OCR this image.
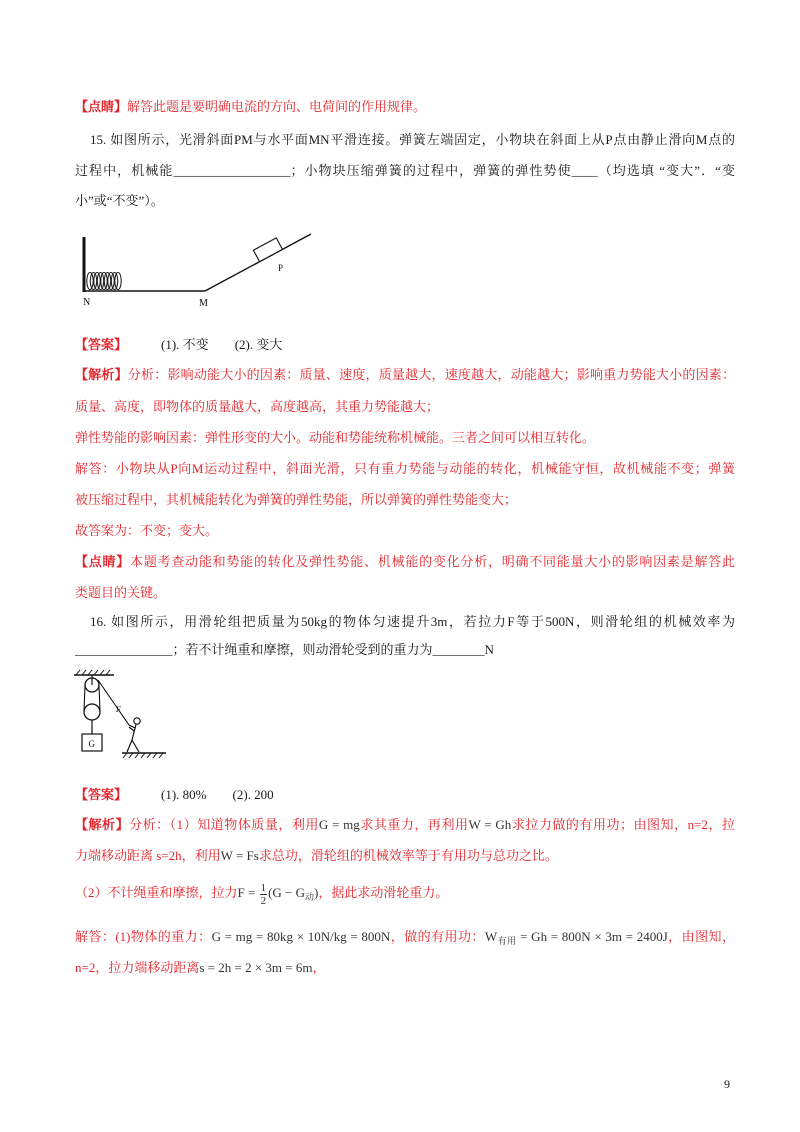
【点睛】解答此题是要明确电流的方向、电荷间的作用规律。
15. 如图所示，光滑斜面PM与水平面MN平滑连接。弹簧左端固定，小物块在斜面上从P点由静止滑向M点的
过程中，机械能__________________；小物块压缩弹簧的过程中，弹簧的弹性势使____（均选填 “变大”．“变
小”或“不变”）。
N	M
P
【答案】	(1). 不变 (2). 变大
【解析】分析：影响动能大小的因素：质量、速度，质量越大，速度越大，动能越大；影响重力势能大小的因素：
质量、高度，即物体的质量越大，高度越高，其重力势能越大；
弹性势能的影响因素：弹性形变的大小。动能和势能统称机械能。三者之间可以相互转化。
解答：小物块从P向M运动过程中，斜面光滑，只有重力势能与动能的转化，机械能守恒，故机械能不变；弹簧
被压缩过程中，其机械能转化为弹簧的弹性势能，所以弹簧的弹性势能变大；
故答案为：不变；变大。
【点睛】本题考查动能和势能的转化及弹性势能、机械能的变化分析，明确不同能量大小的影响因素是解答此
类题目的关键。
16. 如图所示，用滑轮组把质量为50kg的物体匀速提升3m，若拉力F等于500N，则滑轮组的机械效率为
_______________；若不计绳重和摩擦，则动滑轮受到的重力为________N
G
F
【答案】	(1). 80% (2). 200
【解析】分析：（1）知道物体质量，利用G = mg求其重力，再利用W = Gh求拉力做的有用功；由图知，n=2，拉
力端移动距离 s=2h，利用W = Fs求总功，滑轮组的机械效率等于有用功与总功之比。
（2）不计绳重和摩擦，拉力$F = \frac{1}{2} (G - G_动)$，据此求动滑轮重力。
解答：(1)物体的重力：G = mg = 80kg × 10N/kg = 800N，做的有用功：$W_{有用} = Gh = 800N \times 3m = 2400J$，由图知，
n=2，拉力端移动距离s = 2h = 2 × 3m = 6m，
9
